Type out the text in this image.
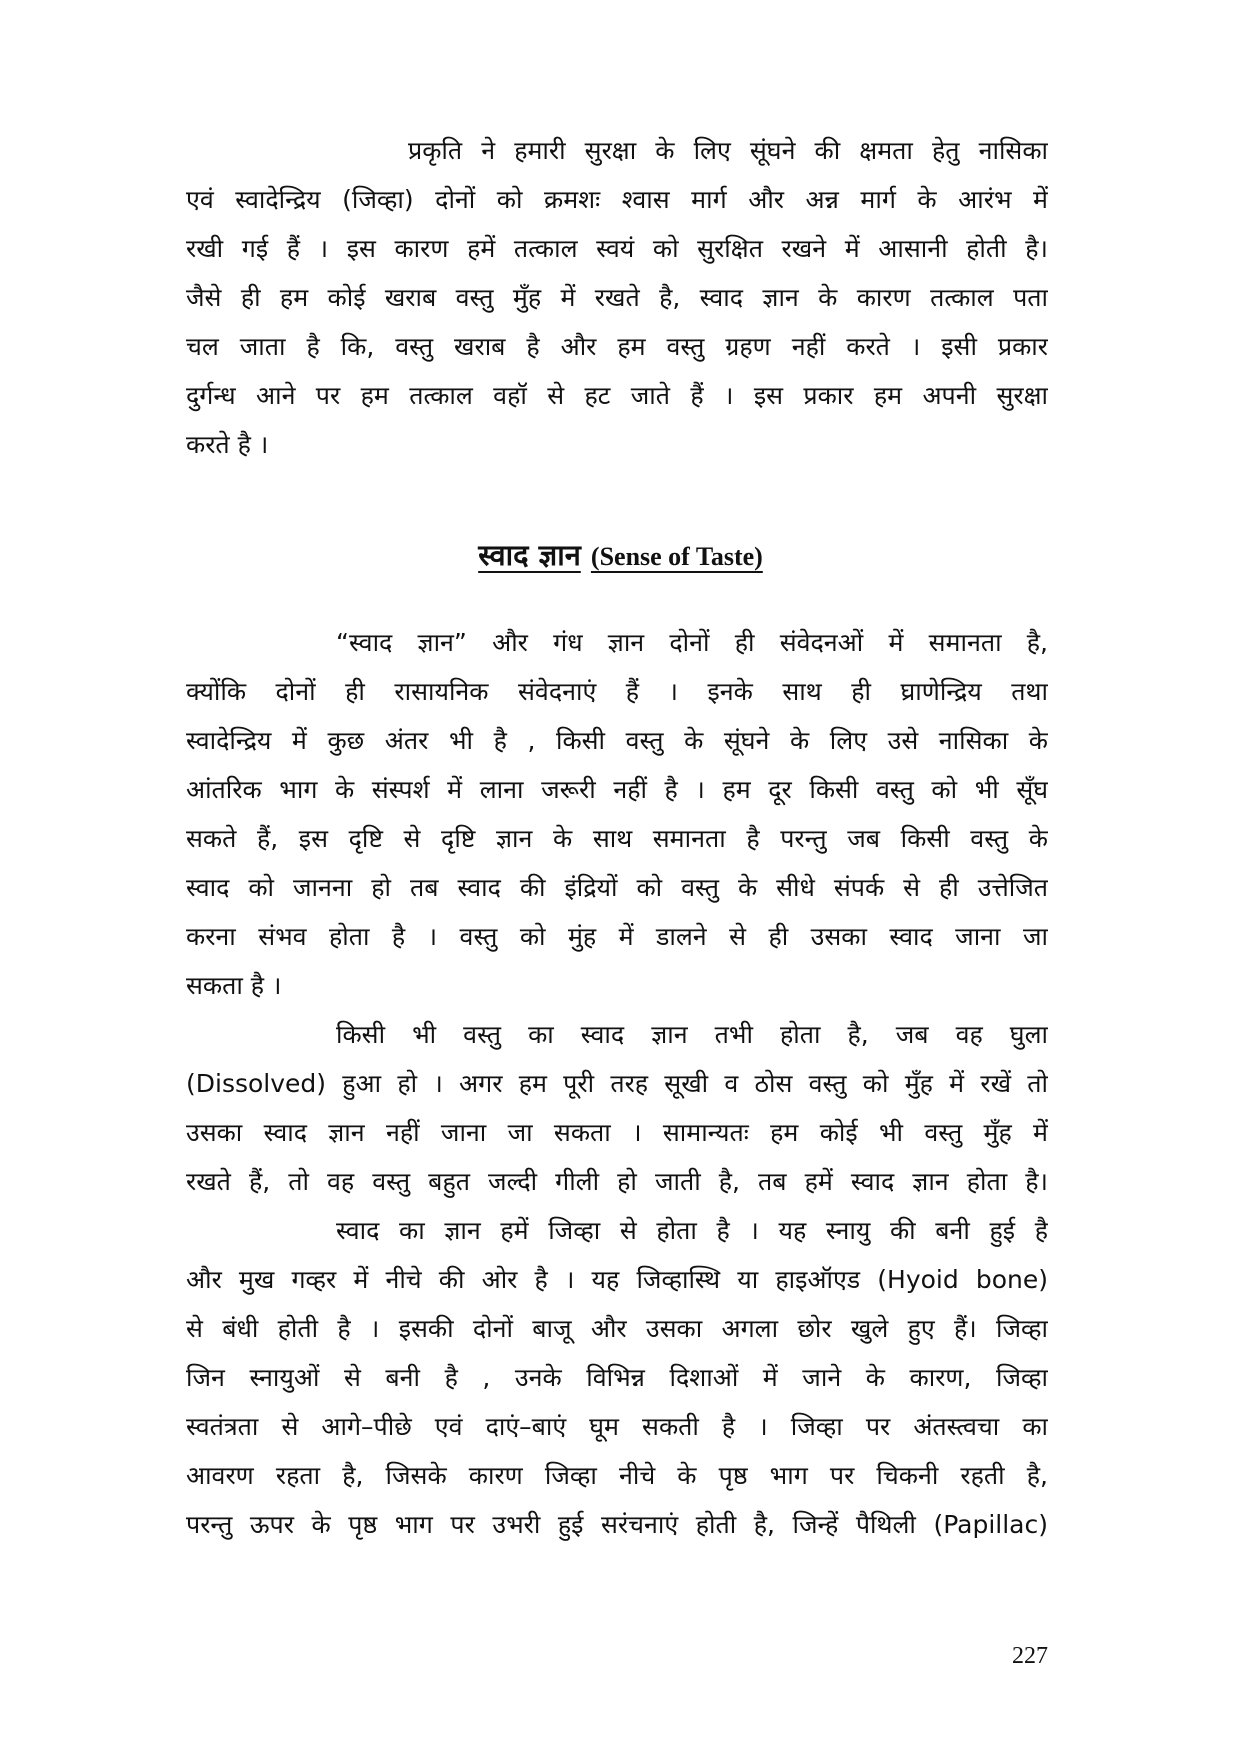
प्रकृति ने हमारी सुरक्षा के लिए सूंघने की क्षमता हेतु नासिका
एवं स्वादेन्द्रिय (जिव्हा) दोनों को क्रमशः श्वास मार्ग और अन्न मार्ग के आरंभ में
रखी गई हैं । इस कारण हमें तत्काल स्वयं को सुरक्षित रखने में आसानी होती है।
जैसे ही हम कोई खराब वस्तु मुँह में रखते है, स्वाद ज्ञान के कारण तत्काल पता
चल जाता है कि, वस्तु खराब है और हम वस्तु ग्रहण नहीं करते । इसी प्रकार
दुर्गन्ध आने पर हम तत्काल वहॉ से हट जाते हैं । इस प्रकार हम अपनी सुरक्षा
करते है ।

स्वाद ज्ञान (Sense of Taste)

“स्वाद ज्ञान” और गंध ज्ञान दोनों ही संवेदनओं में समानता है,
क्योंकि दोनों ही रासायनिक संवेदनाएं हैं । इनके साथ ही घ्राणेन्द्रिय तथा
स्वादेन्द्रिय में कुछ अंतर भी है , किसी वस्तु के सूंघने के लिए उसे नासिका के
आंतरिक भाग के संस्पर्श में लाना जरूरी नहीं है । हम दूर किसी वस्तु को भी सूँघ
सकते हैं, इस दृष्टि से दृष्टि ज्ञान के साथ समानता है परन्तु जब किसी वस्तु के
स्वाद को जानना हो तब स्वाद की इंद्रियों को वस्तु के सीधे संपर्क से ही उत्तेजित
करना संभव होता है । वस्तु को मुंह में डालने से ही उसका स्वाद जाना जा
सकता है ।

किसी भी वस्तु का स्वाद ज्ञान तभी होता है, जब वह घुला
(Dissolved) हुआ हो । अगर हम पूरी तरह सूखी व ठोस वस्तु को मुँह में रखें तो
उसका स्वाद ज्ञान नहीं जाना जा सकता । सामान्यतः हम कोई भी वस्तु मुँह में
रखते हैं, तो वह वस्तु बहुत जल्दी गीली हो जाती है, तब हमें स्वाद ज्ञान होता है।

स्वाद का ज्ञान हमें जिव्हा से होता है । यह स्नायु की बनी हुई है
और मुख गव्हर में नीचे की ओर है । यह जिव्हास्थि या हाइऑएड (Hyoid bone)
से बंधी होती है । इसकी दोनों बाजू और उसका अगला छोर खुले हुए हैं। जिव्हा
जिन स्नायुओं से बनी है , उनके विभिन्न दिशाओं में जाने के कारण, जिव्हा
स्वतंत्रता से आगे–पीछे एवं दाएं–बाएं घूम सकती है । जिव्हा पर अंतस्त्वचा का
आवरण रहता है, जिसके कारण जिव्हा नीचे के पृष्ठ भाग पर चिकनी रहती है,
परन्तु ऊपर के पृष्ठ भाग पर उभरी हुई सरंचनाएं होती है, जिन्हें पैथिली (Papillac)

227
